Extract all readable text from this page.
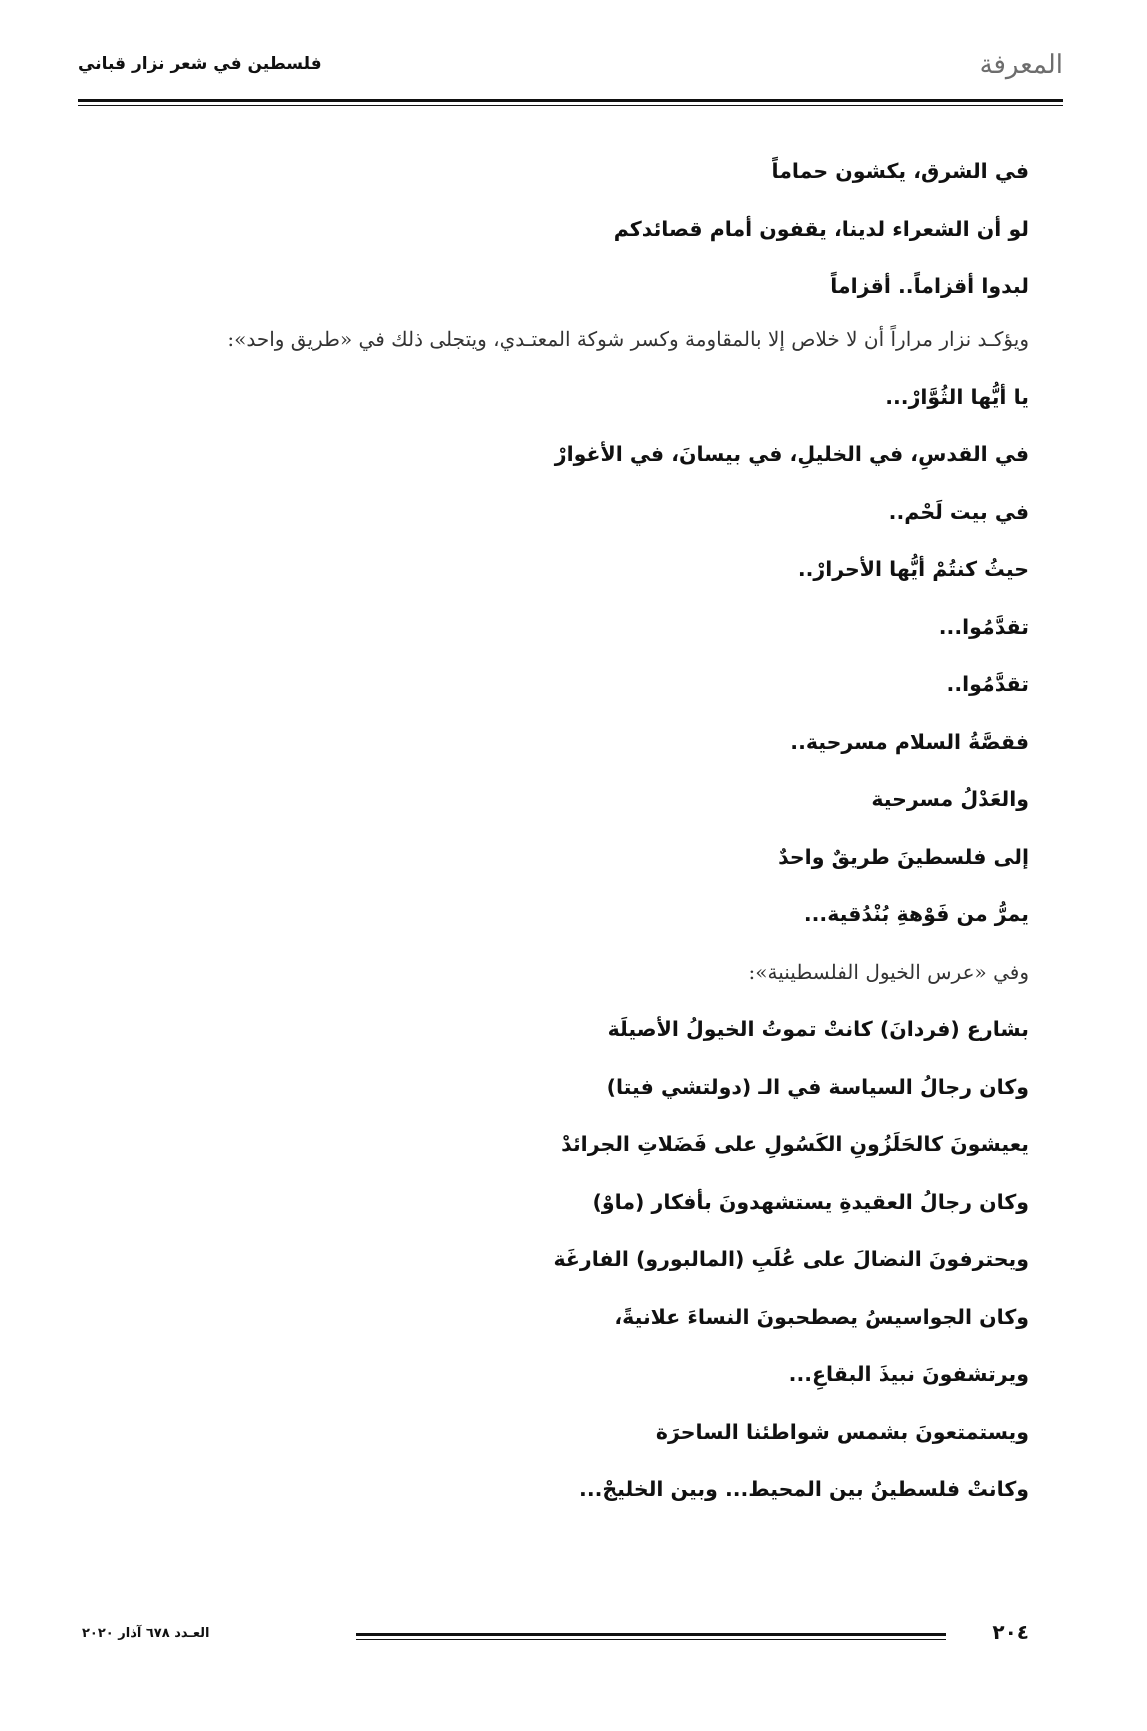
المعرفة
فلسطين في شعر نزار قباني
في الشرق، يكشون حماماً
لو أن الشعراء لدينا، يقفون أمام قصائدكم
لبدوا أقزاماً.. أقزاماً
ويؤكـد نزار مراراً أن لا خلاص إلا بالمقاومة وكسر شوكة المعتـدي، ويتجلى ذلك في «طريق واحد»:
يا أيُّها الثُوَّارْ...
في القدسِ، في الخليلِ، في بيسانَ، في الأغوارْ
في بيت لَحْم..
حيثُ كنتُمْ أيُّها الأحرارْ..
تقدَّمُوا...
تقدَّمُوا..
فقصَّةُ السلام مسرحية..
والعَدْلُ مسرحية
إلى فلسطينَ طريقٌ واحدٌ
يمرُّ من فَوْهةِ بُنْدُقية...
وفي «عرس الخيول الفلسطينية»:
بشارع (فردانَ) كانتْ تموتُ الخيولُ الأصيلَة
وكان رجالُ السياسة في الـ (دولتشي فيتا)
يعيشونَ كالحَلَزُونِ الكَسُولِ على فَضَلاتِ الجرائدْ
وكان رجالُ العقيدةِ يستشهدونَ بأفكار (ماوْ)
ويحترفونَ النضالَ على عُلَبِ (المالبورو) الفارغَة
وكان الجواسيسُ يصطحبونَ النساءَ علانيةً،
ويرتشفونَ نبيذَ البقاعِ...
ويستمتعونَ بشمس شواطئنا الساحرَة
وكانتْ فلسطينُ بين المحيط... وبين الخليجْ...
٢٠٤
العـدد ٦٧٨ آذار ٢٠٢٠
